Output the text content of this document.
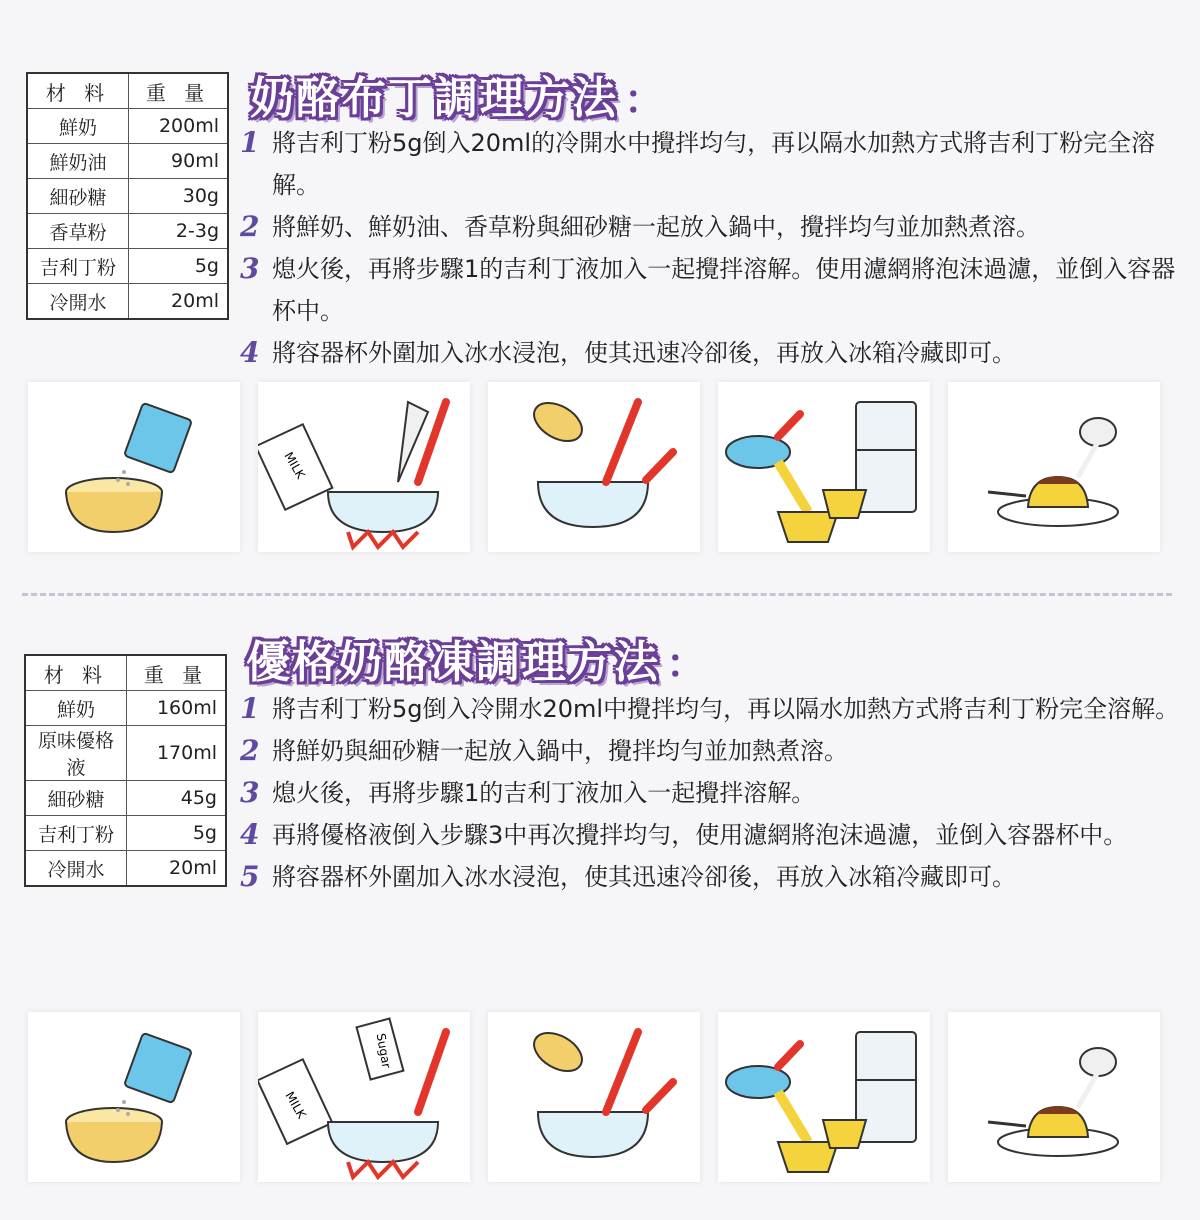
材 料	重 量
鮮奶	200ml
鮮奶油	90ml
細砂糖	30g
香草粉	2-3g
吉利丁粉	5g
冷開水	20ml
奶酪布丁調理方法 ：
1 將吉利丁粉5g倒入20ml的冷開水中攪拌均勻，再以隔水加熱方式將吉利丁粉完全溶解。
2 將鮮奶、鮮奶油、香草粉與細砂糖一起放入鍋中，攪拌均勻並加熱煮溶。
3 熄火後，再將步驟1的吉利丁液加入一起攪拌溶解。使用濾網將泡沫過濾，並倒入容器杯中。
4 將容器杯外圍加入冰水浸泡，使其迅速冷卻後，再放入冰箱冷藏即可。
MILK
材 料	重 量
鮮奶	160ml
原味優格液	170ml
細砂糖	45g
吉利丁粉	5g
冷開水	20ml
優格奶酪凍調理方法 ：
1 將吉利丁粉5g倒入冷開水20ml中攪拌均勻，再以隔水加熱方式將吉利丁粉完全溶解。
2 將鮮奶與細砂糖一起放入鍋中，攪拌均勻並加熱煮溶。
3 熄火後，再將步驟1的吉利丁液加入一起攪拌溶解。
4 再將優格液倒入步驟3中再次攪拌均勻，使用濾網將泡沫過濾，並倒入容器杯中。
5 將容器杯外圍加入冰水浸泡，使其迅速冷卻後，再放入冰箱冷藏即可。
MILK
Sugar
